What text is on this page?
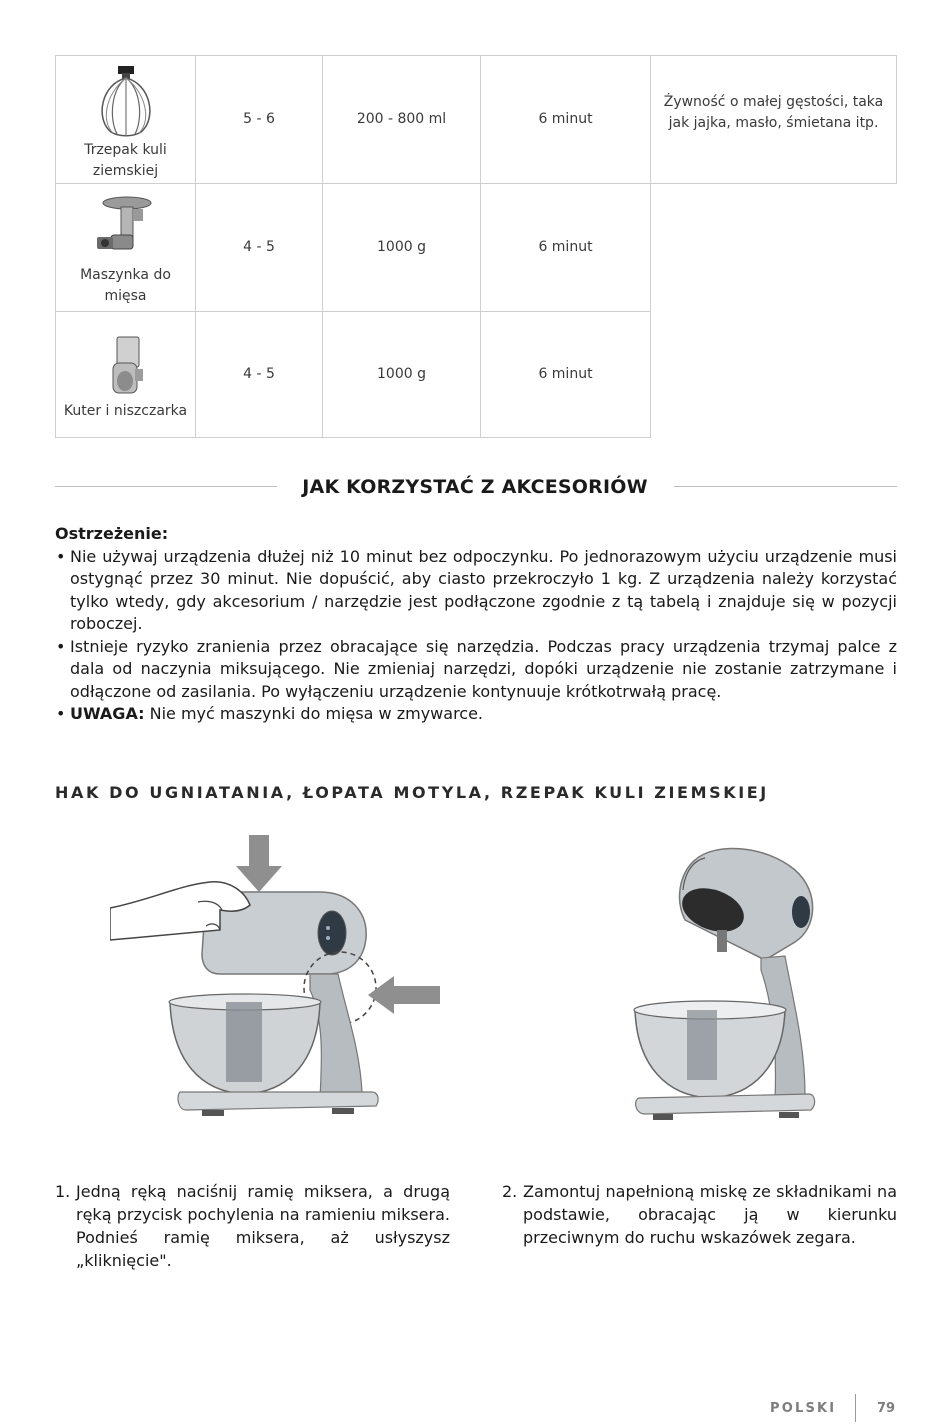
Trzepak kuli ziemskiej	5 - 6	200 - 800 ml	6 minut	Żywność o małej gęstości, taka jak jajka, masło, śmietana itp.

Maszynka do mięsa	4 - 5	1000 g	6 minut	

Kuter i niszczarka	4 - 5	1000 g	6 minut	
JAK KORZYSTAĆ Z AKCESORIÓW
Ostrzeżenie:
• Nie używaj urządzenia dłużej niż 10 minut bez odpoczynku. Po jednorazowym użyciu urządzenie musi ostygnąć przez 30 minut. Nie dopuścić, aby ciasto przekroczyło 1 kg. Z urządzenia należy korzystać tylko wtedy, gdy akcesorium / narzędzie jest podłączone zgodnie z tą tabelą i znajduje się w pozycji roboczej.
• Istnieje ryzyko zranienia przez obracające się narzędzia. Podczas pracy urządzenia trzymaj palce z dala od naczynia miksującego. Nie zmieniaj narzędzi, dopóki urządzenie nie zostanie zatrzymane i odłączone od zasilania. Po wyłączeniu urządzenie kontynuuje krótkotrwałą pracę.
• UWAGA: Nie myć maszynki do mięsa w zmywarce.
HAK DO UGNIATANIA, ŁOPATA MOTYLA, RZEPAK KULI ZIEMSKIEJ
1. Jedną ręką naciśnij ramię miksera, a drugą ręką przycisk pochylenia na ramieniu miksera. Podnieś ramię miksera, aż usłyszysz „kliknięcie".
2. Zamontuj napełnioną miskę ze składnikami na podstawie, obracając ją w kierunku przeciwnym do ruchu wskazówek zegara.
POLSKI	79
